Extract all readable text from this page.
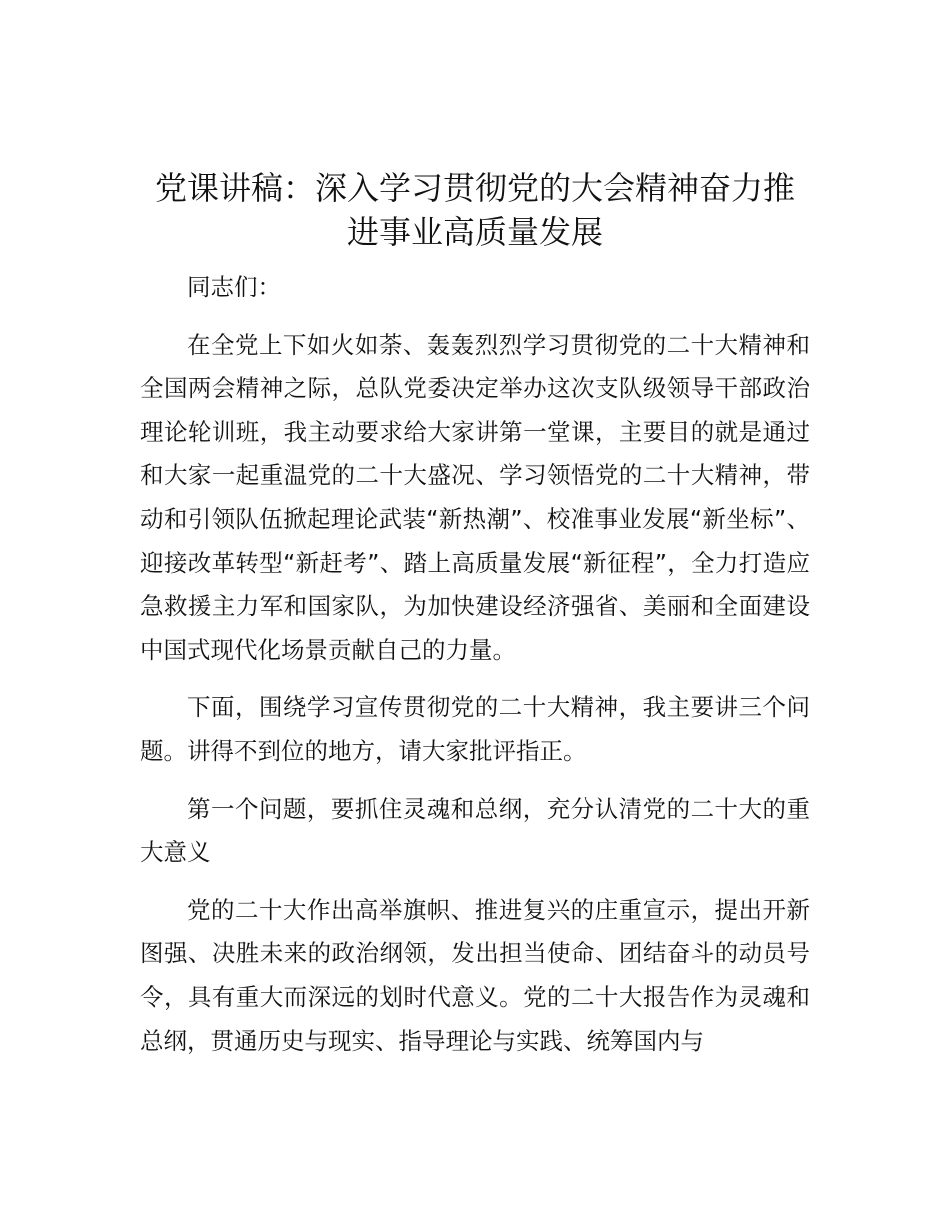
党课讲稿：深入学习贯彻党的大会精神奋力推进事业高质量发展

同志们：

在全党上下如火如荼、轰轰烈烈学习贯彻党的二十大精神和全国两会精神之际，总队党委决定举办这次支队级领导干部政治理论轮训班，我主动要求给大家讲第一堂课，主要目的就是通过和大家一起重温党的二十大盛况、学习领悟党的二十大精神，带动和引领队伍掀起理论武装“新热潮”、校准事业发展“新坐标”、迎接改革转型“新赶考”、踏上高质量发展“新征程”，全力打造应急救援主力军和国家队，为加快建设经济强省、美丽和全面建设中国式现代化场景贡献自己的力量。

下面，围绕学习宣传贯彻党的二十大精神，我主要讲三个问题。讲得不到位的地方，请大家批评指正。

第一个问题，要抓住灵魂和总纲，充分认清党的二十大的重大意义

党的二十大作出高举旗帜、推进复兴的庄重宣示，提出开新图强、决胜未来的政治纲领，发出担当使命、团结奋斗的动员号令，具有重大而深远的划时代意义。党的二十大报告作为灵魂和总纲，贯通历史与现实、指导理论与实践、统筹国内与
